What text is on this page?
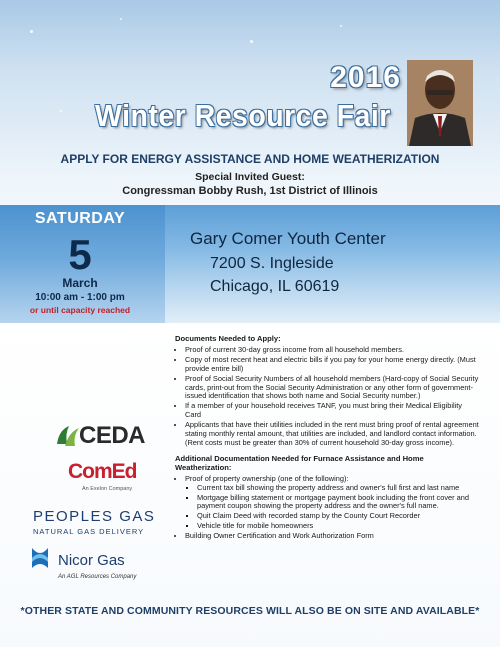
2016
Winter Resource Fair
APPLY FOR ENERGY ASSISTANCE AND HOME WEATHERIZATION
Special Invited Guest:
Congressman Bobby Rush, 1st District of Illinois
SATURDAY
5
March
10:00 am - 1:00 pm
or until capacity reached
Gary Comer Youth Center
7200 S. Ingleside
Chicago, IL 60619
Documents Needed to Apply:
• Proof of current 30-day gross income from all household members.
• Copy of most recent heat and electric bills if you pay for your home energy directly. (Must provide entire bill)
• Proof of Social Security Numbers of all household members (Hard-copy of Social Security cards, print-out from the Social Security Administration or any other form of government-issued identification that shows both name and Social Security number.)
• If a member of your household receives TANF, you must bring their Medical Eligibility Card
• Applicants that have their utilities included in the rent must bring proof of rental agreement stating monthly rental amount, that utilities are included, and landlord contact information. (Rent costs must be greater than 30% of current household 30-day gross income).
Additional Documentation Needed for Furnace Assistance and Home Weatherization:
• Proof of property ownership (one of the following):
▪ Current tax bill showing the property address and owner's full first and last name
▪ Mortgage billing statement or mortgage payment book including the front cover and payment coupon showing the property address and the owner's full name.
▪ Quit Claim Deed with recorded stamp by the County Court Recorder
▪ Vehicle title for mobile homeowners
• Building Owner Certification and Work Authorization Form
CEDA
ComEd
An Exelon Company
PEOPLES GAS
NATURAL GAS DELIVERY
Nicor Gas
An AGL Resources Company
*OTHER STATE AND COMMUNITY RESOURCES WILL ALSO BE ON SITE AND AVAILABLE*
